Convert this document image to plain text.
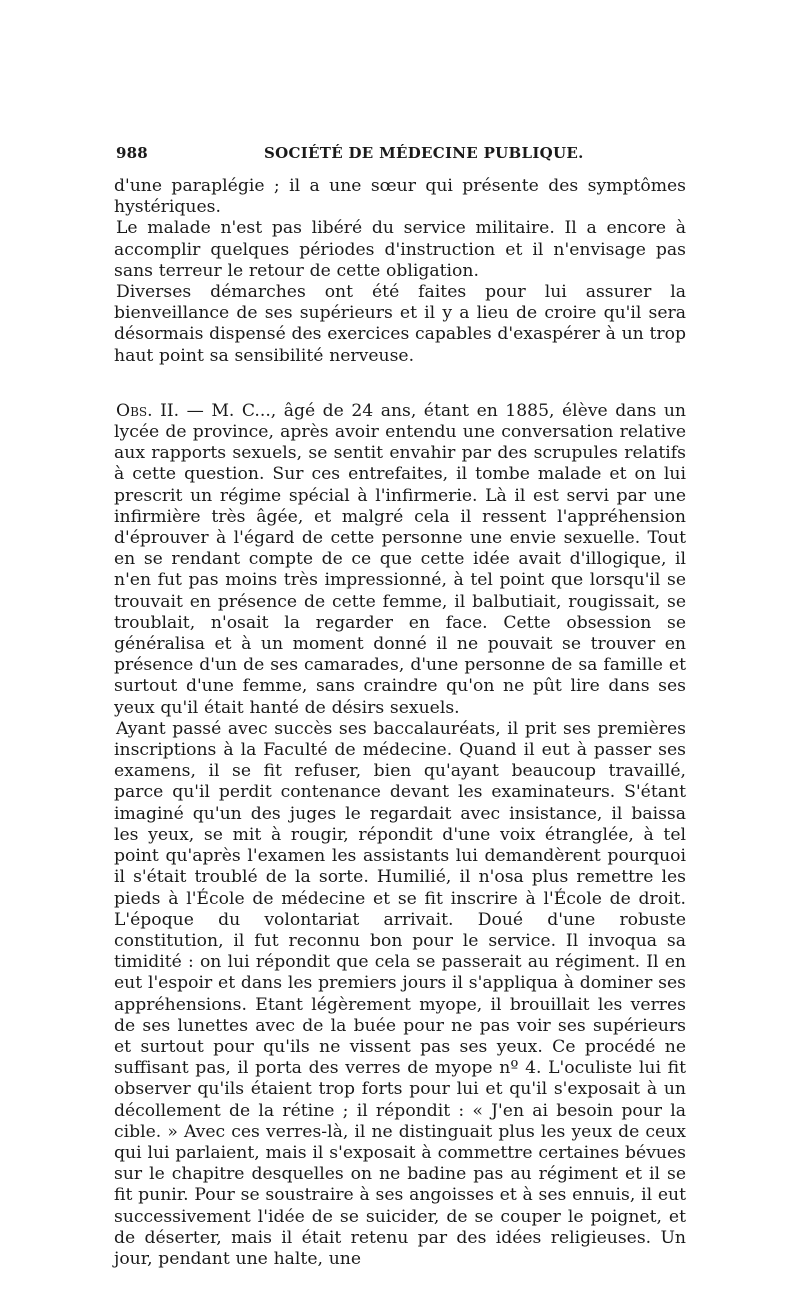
988	SOCIÉTÉ DE MÉDECINE PUBLIQUE.

d'une paraplégie ; il a une sœur qui présente des symptômes hystériques.

Le malade n'est pas libéré du service militaire. Il a encore à accomplir quelques périodes d'instruction et il n'envisage pas sans terreur le retour de cette obligation.

Diverses démarches ont été faites pour lui assurer la bienveillance de ses supérieurs et il y a lieu de croire qu'il sera désormais dispensé des exercices capables d'exaspérer à un trop haut point sa sensibilité nerveuse.

Obs. II. — M. C..., âgé de 24 ans, étant en 1885, élève dans un lycée de province, après avoir entendu une conversation relative aux rapports sexuels, se sentit envahir par des scrupules relatifs à cette question. Sur ces entrefaites, il tombe malade et on lui prescrit un régime spécial à l'infirmerie. Là il est servi par une infirmière très âgée, et malgré cela il ressent l'appréhension d'éprouver à l'égard de cette personne une envie sexuelle. Tout en se rendant compte de ce que cette idée avait d'illogique, il n'en fut pas moins très impressionné, à tel point que lorsqu'il se trouvait en présence de cette femme, il balbutiait, rougissait, se troublait, n'osait la regarder en face. Cette obsession se généralisa et à un moment donné il ne pouvait se trouver en présence d'un de ses camarades, d'une personne de sa famille et surtout d'une femme, sans craindre qu'on ne pût lire dans ses yeux qu'il était hanté de désirs sexuels.

Ayant passé avec succès ses baccalauréats, il prit ses premières inscriptions à la Faculté de médecine. Quand il eut à passer ses examens, il se fit refuser, bien qu'ayant beaucoup travaillé, parce qu'il perdit contenance devant les examinateurs. S'étant imaginé qu'un des juges le regardait avec insistance, il baissa les yeux, se mit à rougir, répondit d'une voix étranglée, à tel point qu'après l'examen les assistants lui demandèrent pourquoi il s'était troublé de la sorte. Humilié, il n'osa plus remettre les pieds à l'École de médecine et se fit inscrire à l'École de droit. L'époque du volontariat arrivait. Doué d'une robuste constitution, il fut reconnu bon pour le service. Il invoqua sa timidité : on lui répondit que cela se passerait au régiment. Il en eut l'espoir et dans les premiers jours il s'appliqua à dominer ses appréhensions. Etant légèrement myope, il brouillait les verres de ses lunettes avec de la buée pour ne pas voir ses supérieurs et surtout pour qu'ils ne vissent pas ses yeux. Ce procédé ne suffisant pas, il porta des verres de myope nº 4. L'oculiste lui fit observer qu'ils étaient trop forts pour lui et qu'il s'exposait à un décollement de la rétine ; il répondit : « J'en ai besoin pour la cible. » Avec ces verres-là, il ne distinguait plus les yeux de ceux qui lui parlaient, mais il s'exposait à commettre certaines bévues sur le chapitre desquelles on ne badine pas au régiment et il se fit punir. Pour se soustraire à ses angoisses et à ses ennuis, il eut successivement l'idée de se suicider, de se couper le poignet, et de déserter, mais il était retenu par des idées religieuses. Un jour, pendant une halte, une
